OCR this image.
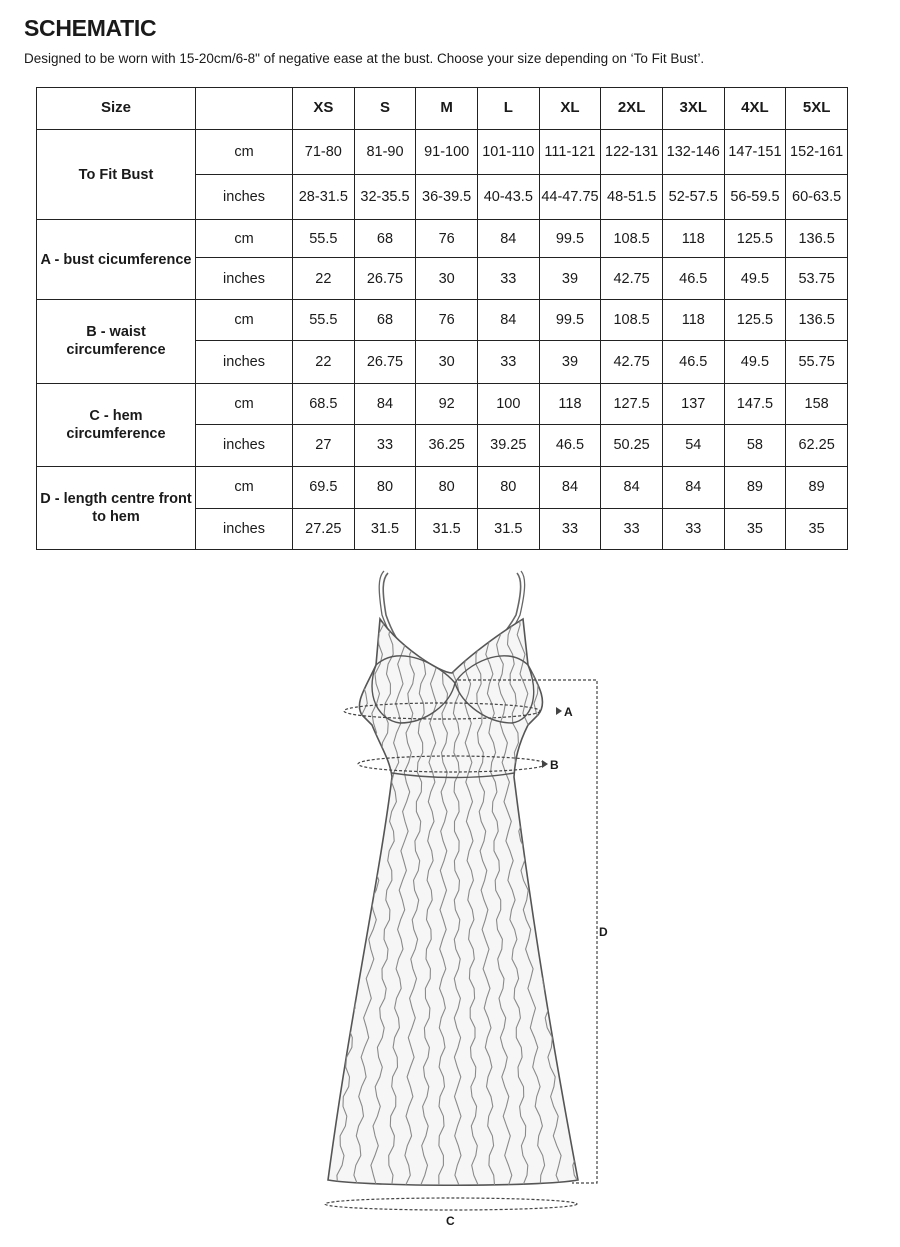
SCHEMATIC

Designed to be worn with 15-20cm/6-8" of negative ease at the bust. Choose your size depending on ‘To Fit Bust’.

Size		XS	S	M	L	XL	2XL	3XL	4XL	5XL
To Fit Bust	cm	71-80	81-90	91-100	101-110	111-121	122-131	132-146	147-151	152-161
	inches	28-31.5	32-35.5	36-39.5	40-43.5	44-47.75	48-51.5	52-57.5	56-59.5	60-63.5
A - bust cicumference	cm	55.5	68	76	84	99.5	108.5	118	125.5	136.5
	inches	22	26.75	30	33	39	42.75	46.5	49.5	53.75
B - waist circumference	cm	55.5	68	76	84	99.5	108.5	118	125.5	136.5
	inches	22	26.75	30	33	39	42.75	46.5	49.5	55.75
C - hem circumference	cm	68.5	84	92	100	118	127.5	137	147.5	158
	inches	27	33	36.25	39.25	46.5	50.25	54	58	62.25
D - length centre front to hem	cm	69.5	80	80	80	84	84	84	89	89
	inches	27.25	31.5	31.5	31.5	33	33	33	35	35
A
B
D
C
